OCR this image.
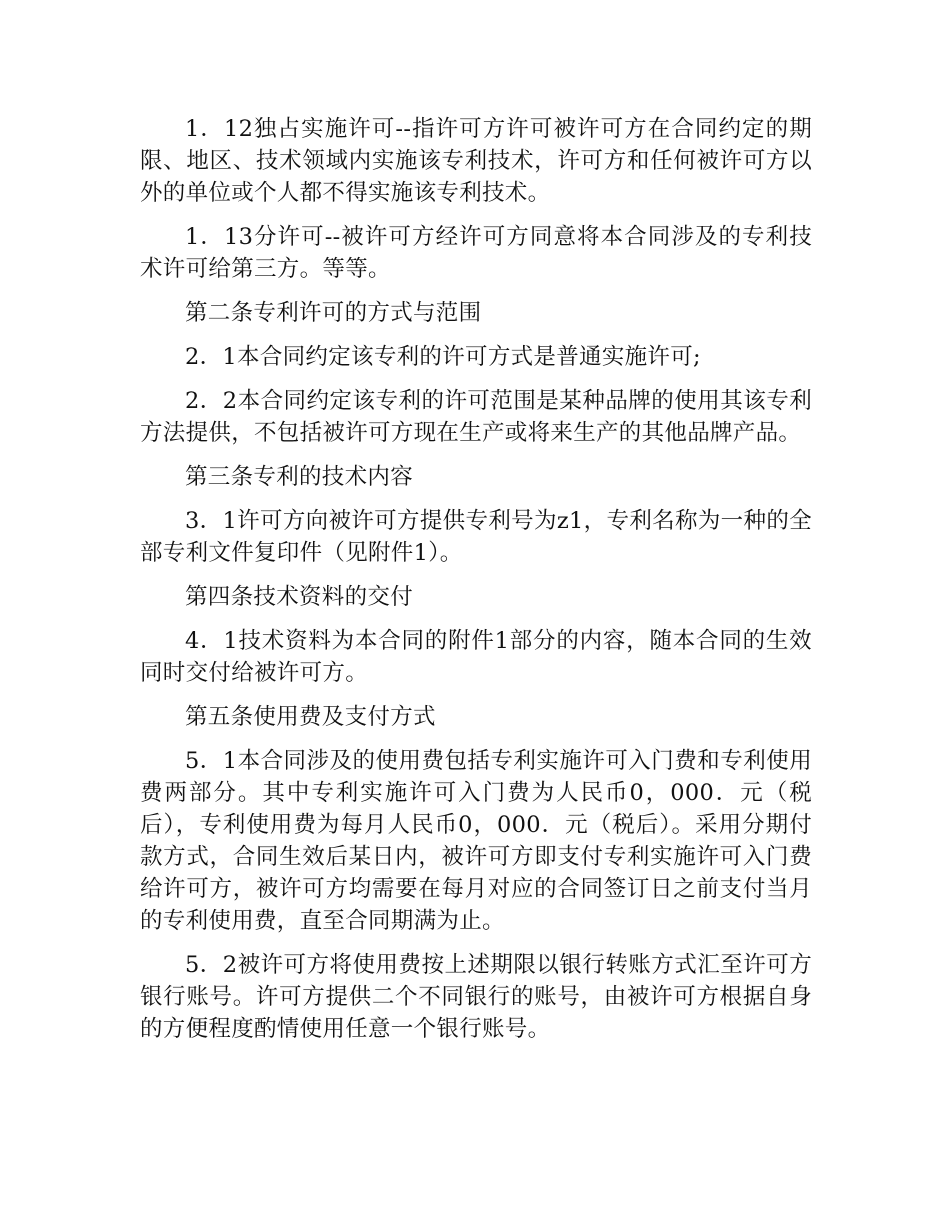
1．12独占实施许可--指许可方许可被许可方在合同约定的期限、地区、技术领域内实施该专利技术，许可方和任何被许可方以外的单位或个人都不得实施该专利技术。

1．13分许可--被许可方经许可方同意将本合同涉及的专利技术许可给第三方。等等。

第二条专利许可的方式与范围

2．1本合同约定该专利的许可方式是普通实施许可;

2．2本合同约定该专利的许可范围是某种品牌的使用其该专利方法提供，不包括被许可方现在生产或将来生产的其他品牌产品。

第三条专利的技术内容

3．1许可方向被许可方提供专利号为z1，专利名称为一种的全部专利文件复印件（见附件1）。

第四条技术资料的交付

4．1技术资料为本合同的附件1部分的内容，随本合同的生效同时交付给被许可方。

第五条使用费及支付方式

5．1本合同涉及的使用费包括专利实施许可入门费和专利使用费两部分。其中专利实施许可入门费为人民币0，000．元（税后），专利使用费为每月人民币0，000．元（税后）。采用分期付款方式，合同生效后某日内，被许可方即支付专利实施许可入门费给许可方，被许可方均需要在每月对应的合同签订日之前支付当月的专利使用费，直至合同期满为止。

5．2被许可方将使用费按上述期限以银行转账方式汇至许可方银行账号。许可方提供二个不同银行的账号，由被许可方根据自身的方便程度酌情使用任意一个银行账号。
